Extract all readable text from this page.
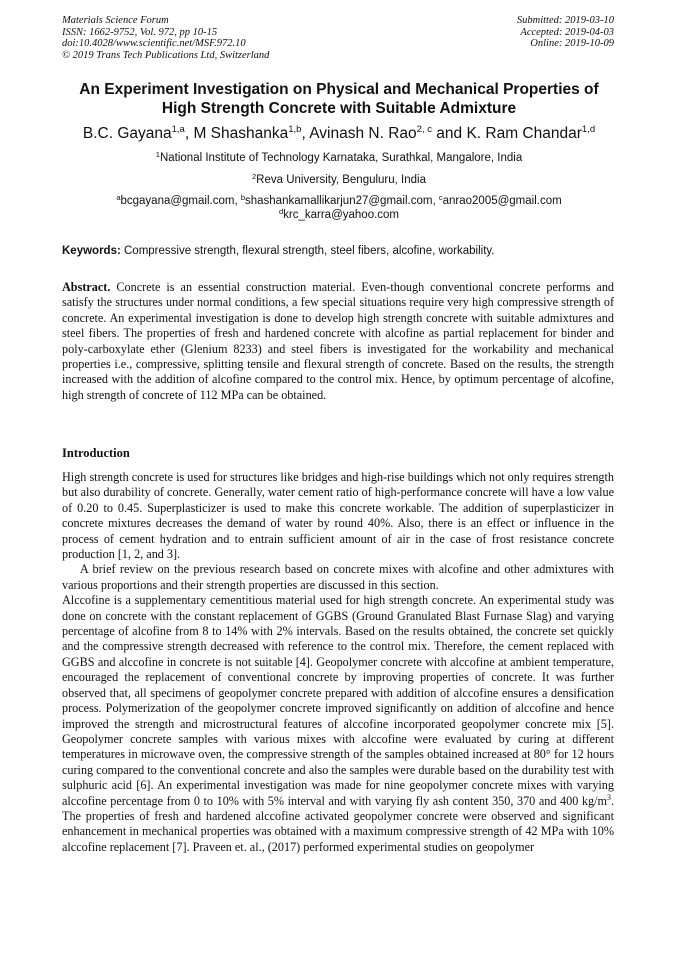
Materials Science Forum
ISSN: 1662-9752, Vol. 972, pp 10-15
doi:10.4028/www.scientific.net/MSF.972.10
© 2019 Trans Tech Publications Ltd, Switzerland
Submitted: 2019-03-10
Accepted: 2019-04-03
Online: 2019-10-09
An Experiment Investigation on Physical and Mechanical Properties of
High Strength Concrete with Suitable Admixture
B.C. Gayana$^{1,a}$, M Shashanka$^{1,b}$, Avinash N. Rao$^{2, c}$ and K. Ram Chandar$^{1,d}$
$^1$National Institute of Technology Karnataka, Surathkal, Mangalore, India
$^2$Reva University, Benguluru, India
$^a$bcgayana@gmail.com, $^b$shashankamallikarjun27@gmail.com, $^c$anrao2005@gmail.com
$^d$krc_karra@yahoo.com
Keywords: Compressive strength, flexural strength, steel fibers, alcofine, workability.

Abstract. Concrete is an essential construction material. Even-though conventional concrete performs and satisfy the structures under normal conditions, a few special situations require very high compressive strength of concrete. An experimental investigation is done to develop high strength concrete with suitable admixtures and steel fibers. The properties of fresh and hardened concrete with alcofine as partial replacement for binder and poly-carboxylate ether (Glenium 8233) and steel fibers is investigated for the workability and mechanical properties i.e., compressive, splitting tensile and flexural strength of concrete. Based on the results, the strength increased with the addition of alcofine compared to the control mix. Hence, by optimum percentage of alcofine, high strength of concrete of 112 MPa can be obtained.

Introduction

High strength concrete is used for structures like bridges and high-rise buildings which not only requires strength but also durability of concrete. Generally, water cement ratio of high-performance concrete will have a low value of 0.20 to 0.45. Superplasticizer is used to make this concrete workable. The addition of superplasticizer in concrete mixtures decreases the demand of water by round 40%. Also, there is an effect or influence in the process of cement hydration and to entrain sufficient amount of air in the case of frost resistance concrete production [1, 2, and 3].

A brief review on the previous research based on concrete mixes with alcofine and other admixtures with various proportions and their strength properties are discussed in this section.

Alccofine is a supplementary cementitious material used for high strength concrete. An experimental study was done on concrete with the constant replacement of GGBS (Ground Granulated Blast Furnase Slag) and varying percentage of alcofine from 8 to 14% with 2% intervals. Based on the results obtained, the concrete set quickly and the compressive strength decreased with reference to the control mix. Therefore, the cement replaced with GGBS and alccofine in concrete is not suitable [4]. Geopolymer concrete with alccofine at ambient temperature, encouraged the replacement of conventional concrete by improving properties of concrete. It was further observed that, all specimens of geopolymer concrete prepared with addition of alccofine ensures a densification process. Polymerization of the geopolymer concrete improved significantly on addition of alccofine and hence improved the strength and microstructural features of alccofine incorporated geopolymer concrete mix [5]. Geopolymer concrete samples with various mixes with alccofine were evaluated by curing at different temperatures in microwave oven, the compressive strength of the samples obtained increased at 80° for 12 hours curing compared to the conventional concrete and also the samples were durable based on the durability test with sulphuric acid [6]. An experimental investigation was made for nine geopolymer concrete mixes with varying alccofine percentage from 0 to 10% with 5% interval and with varying fly ash content 350, 370 and 400 $kg/m^3$. The properties of fresh and hardened alccofine activated geopolymer concrete were observed and significant enhancement in mechanical properties was obtained with a maximum compressive strength of 42 MPa with 10% alccofine replacement [7]. Praveen et. al., (2017) performed experimental studies on geopolymer
